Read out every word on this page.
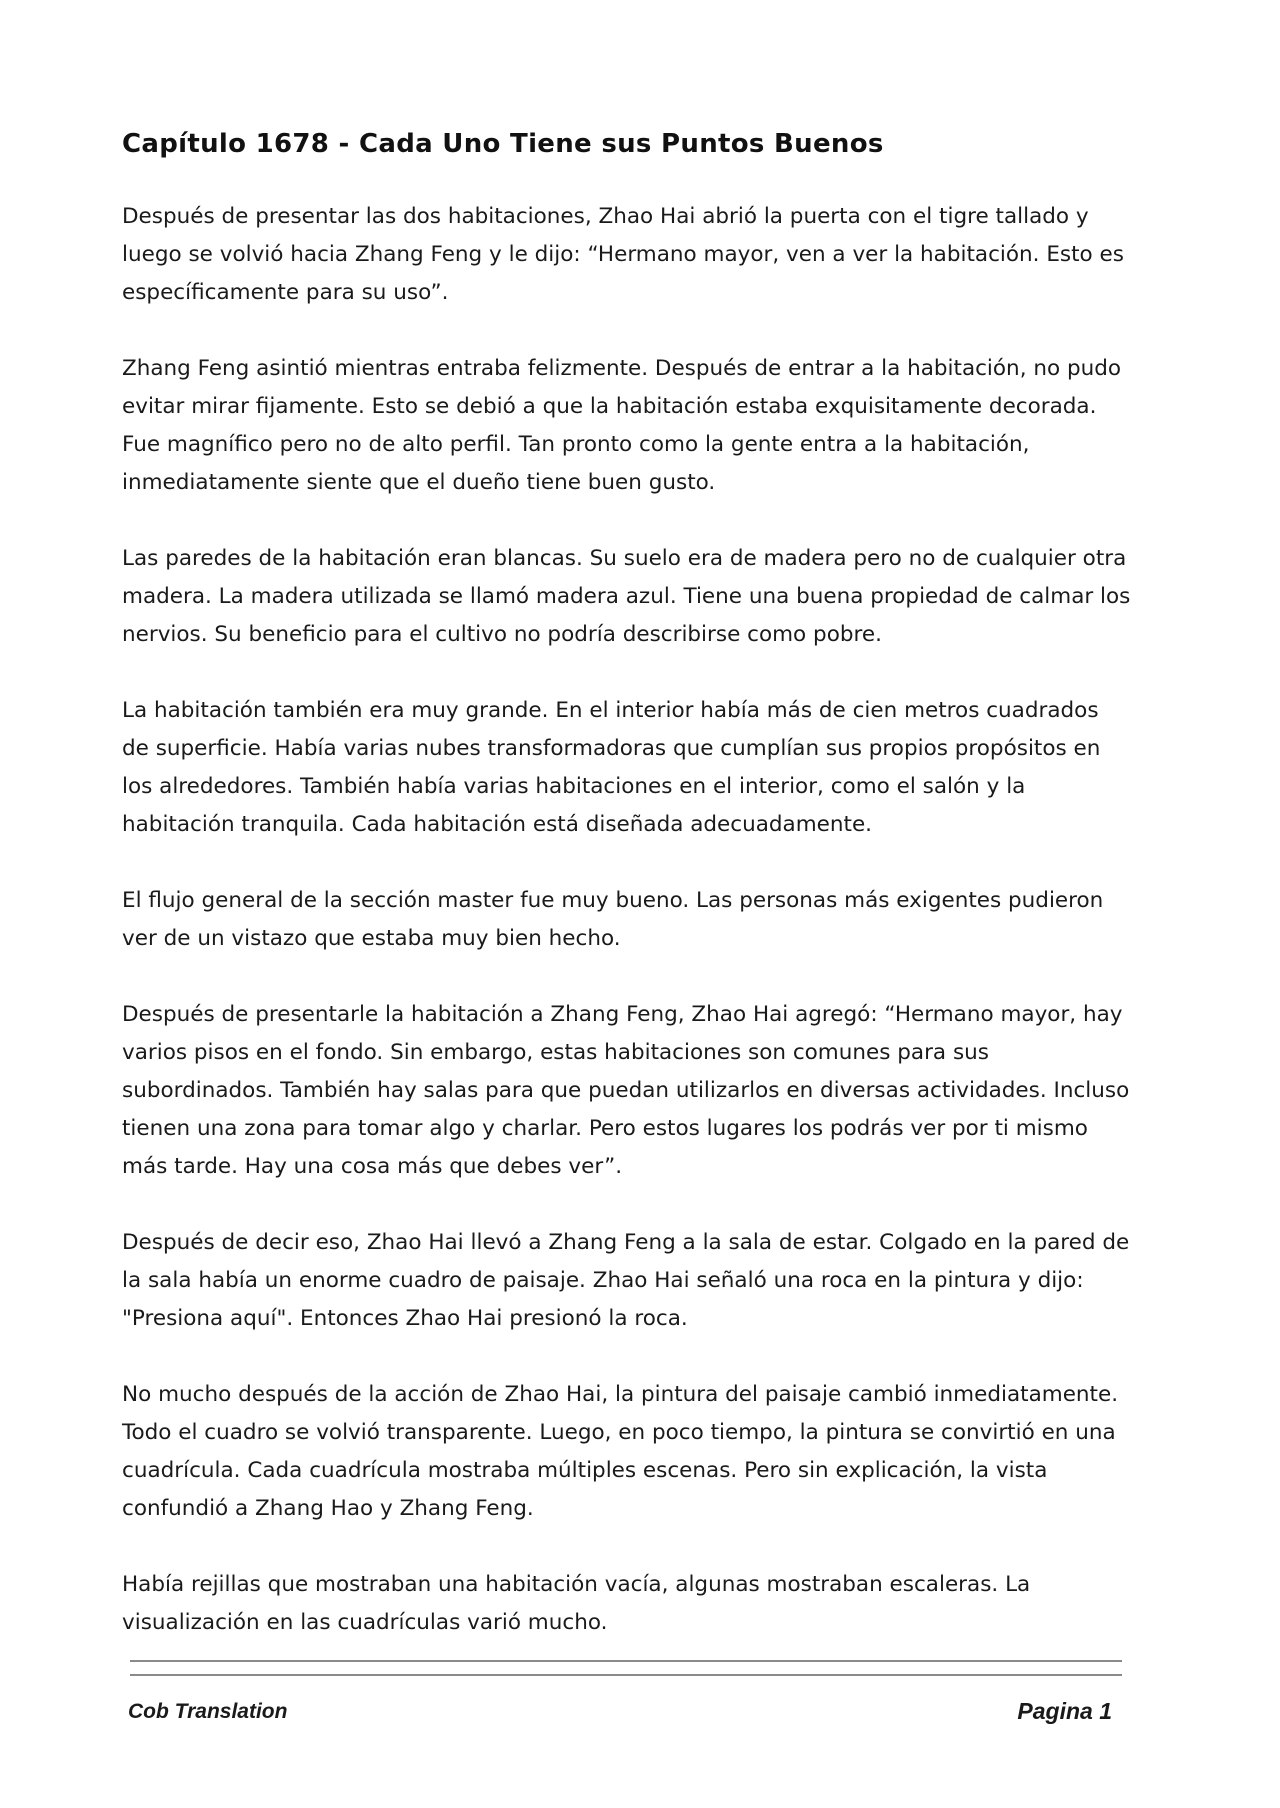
Capítulo 1678 - Cada Uno Tiene sus Puntos Buenos

Después de presentar las dos habitaciones, Zhao Hai abrió la puerta con el tigre tallado y luego se volvió hacia Zhang Feng y le dijo: “Hermano mayor, ven a ver la habitación. Esto es específicamente para su uso”.

Zhang Feng asintió mientras entraba felizmente. Después de entrar a la habitación, no pudo evitar mirar fijamente. Esto se debió a que la habitación estaba exquisitamente decorada. Fue magnífico pero no de alto perfil. Tan pronto como la gente entra a la habitación, inmediatamente siente que el dueño tiene buen gusto.

Las paredes de la habitación eran blancas. Su suelo era de madera pero no de cualquier otra madera. La madera utilizada se llamó madera azul. Tiene una buena propiedad de calmar los nervios. Su beneficio para el cultivo no podría describirse como pobre.

La habitación también era muy grande. En el interior había más de cien metros cuadrados de superficie. Había varias nubes transformadoras que cumplían sus propios propósitos en los alrededores. También había varias habitaciones en el interior, como el salón y la habitación tranquila. Cada habitación está diseñada adecuadamente.

El flujo general de la sección master fue muy bueno. Las personas más exigentes pudieron ver de un vistazo que estaba muy bien hecho.

Después de presentarle la habitación a Zhang Feng, Zhao Hai agregó: “Hermano mayor, hay varios pisos en el fondo. Sin embargo, estas habitaciones son comunes para sus subordinados. También hay salas para que puedan utilizarlos en diversas actividades. Incluso tienen una zona para tomar algo y charlar. Pero estos lugares los podrás ver por ti mismo más tarde. Hay una cosa más que debes ver”.

Después de decir eso, Zhao Hai llevó a Zhang Feng a la sala de estar. Colgado en la pared de la sala había un enorme cuadro de paisaje. Zhao Hai señaló una roca en la pintura y dijo: "Presiona aquí". Entonces Zhao Hai presionó la roca.

No mucho después de la acción de Zhao Hai, la pintura del paisaje cambió inmediatamente. Todo el cuadro se volvió transparente. Luego, en poco tiempo, la pintura se convirtió en una cuadrícula. Cada cuadrícula mostraba múltiples escenas. Pero sin explicación, la vista confundió a Zhang Hao y Zhang Feng.

Había rejillas que mostraban una habitación vacía, algunas mostraban escaleras. La visualización en las cuadrículas varió mucho.

Cob Translation	Pagina 1
